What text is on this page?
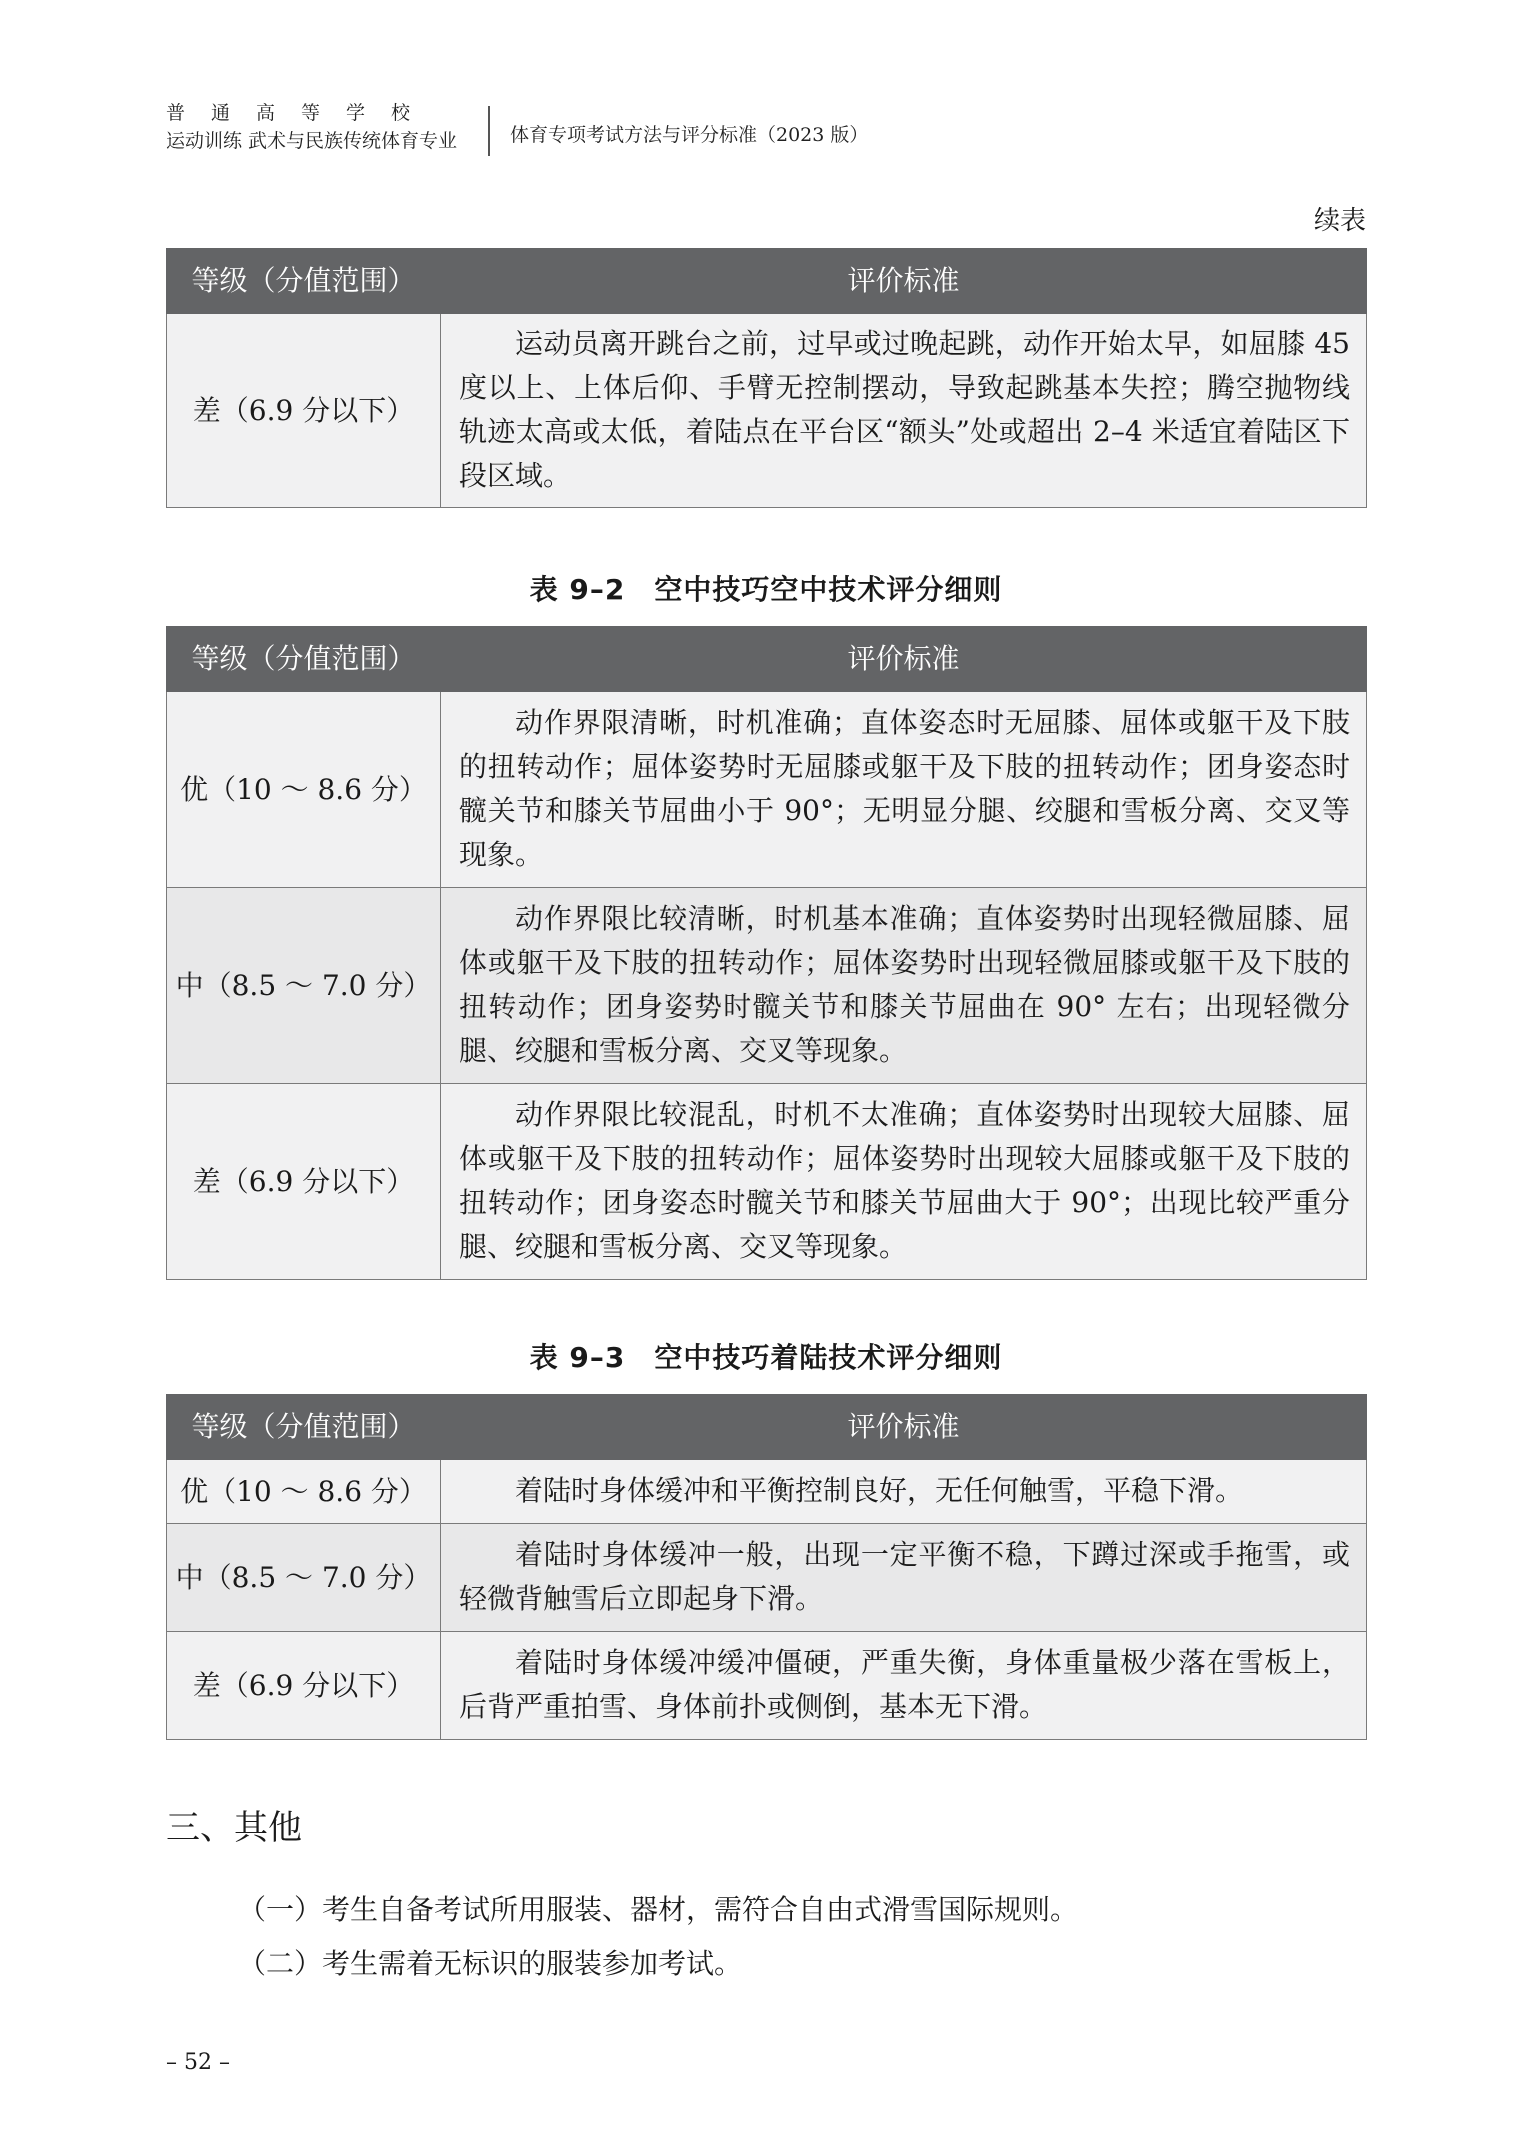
普通高等学校
运动训练 武术与民族传统体育专业	体育专项考试方法与评分标准（2023 版）
续表
等级（分值范围）	评价标准
差（6.9 分以下）	运动员离开跳台之前，过早或过晚起跳，动作开始太早，如屈膝 45 度以上、上体后仰、手臂无控制摆动，导致起跳基本失控；腾空抛物线轨迹太高或太低，着陆点在平台区“额头”处或超出 2–4 米适宜着陆区下段区域。
表 9–2　空中技巧空中技术评分细则
等级（分值范围）	评价标准
优（10 ～ 8.6 分）	动作界限清晰，时机准确；直体姿态时无屈膝、屈体或躯干及下肢的扭转动作；屈体姿势时无屈膝或躯干及下肢的扭转动作；团身姿态时髋关节和膝关节屈曲小于 90°；无明显分腿、绞腿和雪板分离、交叉等现象。
中（8.5 ～ 7.0 分）	动作界限比较清晰，时机基本准确；直体姿势时出现轻微屈膝、屈体或躯干及下肢的扭转动作；屈体姿势时出现轻微屈膝或躯干及下肢的扭转动作；团身姿势时髋关节和膝关节屈曲在 90° 左右；出现轻微分腿、绞腿和雪板分离、交叉等现象。
差（6.9 分以下）	动作界限比较混乱，时机不太准确；直体姿势时出现较大屈膝、屈体或躯干及下肢的扭转动作；屈体姿势时出现较大屈膝或躯干及下肢的扭转动作；团身姿态时髋关节和膝关节屈曲大于 90°；出现比较严重分腿、绞腿和雪板分离、交叉等现象。
表 9–3　空中技巧着陆技术评分细则
等级（分值范围）	评价标准
优（10 ～ 8.6 分）	着陆时身体缓冲和平衡控制良好，无任何触雪，平稳下滑。
中（8.5 ～ 7.0 分）	着陆时身体缓冲一般，出现一定平衡不稳，下蹲过深或手拖雪，或轻微背触雪后立即起身下滑。
差（6.9 分以下）	着陆时身体缓冲缓冲僵硬，严重失衡，身体重量极少落在雪板上，后背严重拍雪、身体前扑或侧倒，基本无下滑。
三、其他
（一）考生自备考试所用服装、器材，需符合自由式滑雪国际规则。
（二）考生需着无标识的服装参加考试。
– 52 –
